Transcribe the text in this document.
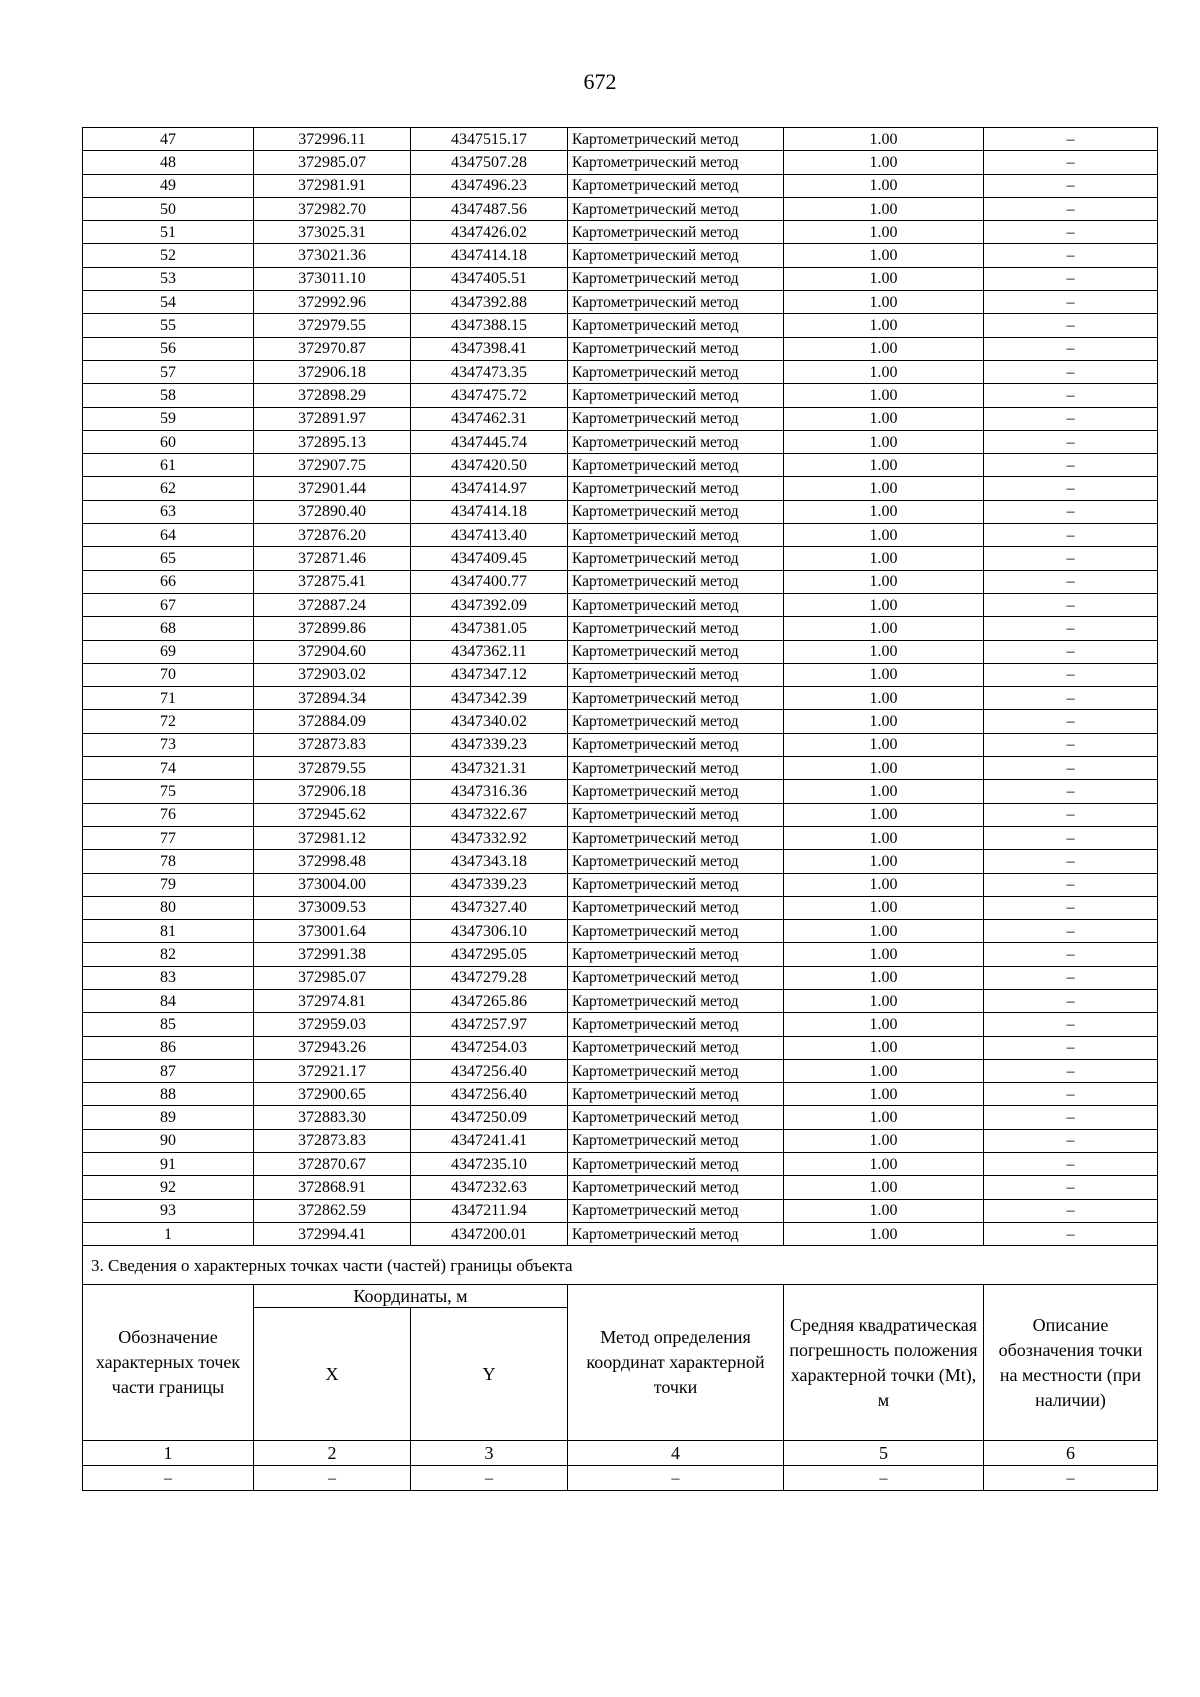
672
47	372996.11	4347515.17	Картометрический метод	1.00	–
48	372985.07	4347507.28	Картометрический метод	1.00	–
49	372981.91	4347496.23	Картометрический метод	1.00	–
50	372982.70	4347487.56	Картометрический метод	1.00	–
51	373025.31	4347426.02	Картометрический метод	1.00	–
52	373021.36	4347414.18	Картометрический метод	1.00	–
53	373011.10	4347405.51	Картометрический метод	1.00	–
54	372992.96	4347392.88	Картометрический метод	1.00	–
55	372979.55	4347388.15	Картометрический метод	1.00	–
56	372970.87	4347398.41	Картометрический метод	1.00	–
57	372906.18	4347473.35	Картометрический метод	1.00	–
58	372898.29	4347475.72	Картометрический метод	1.00	–
59	372891.97	4347462.31	Картометрический метод	1.00	–
60	372895.13	4347445.74	Картометрический метод	1.00	–
61	372907.75	4347420.50	Картометрический метод	1.00	–
62	372901.44	4347414.97	Картометрический метод	1.00	–
63	372890.40	4347414.18	Картометрический метод	1.00	–
64	372876.20	4347413.40	Картометрический метод	1.00	–
65	372871.46	4347409.45	Картометрический метод	1.00	–
66	372875.41	4347400.77	Картометрический метод	1.00	–
67	372887.24	4347392.09	Картометрический метод	1.00	–
68	372899.86	4347381.05	Картометрический метод	1.00	–
69	372904.60	4347362.11	Картометрический метод	1.00	–
70	372903.02	4347347.12	Картометрический метод	1.00	–
71	372894.34	4347342.39	Картометрический метод	1.00	–
72	372884.09	4347340.02	Картометрический метод	1.00	–
73	372873.83	4347339.23	Картометрический метод	1.00	–
74	372879.55	4347321.31	Картометрический метод	1.00	–
75	372906.18	4347316.36	Картометрический метод	1.00	–
76	372945.62	4347322.67	Картометрический метод	1.00	–
77	372981.12	4347332.92	Картометрический метод	1.00	–
78	372998.48	4347343.18	Картометрический метод	1.00	–
79	373004.00	4347339.23	Картометрический метод	1.00	–
80	373009.53	4347327.40	Картометрический метод	1.00	–
81	373001.64	4347306.10	Картометрический метод	1.00	–
82	372991.38	4347295.05	Картометрический метод	1.00	–
83	372985.07	4347279.28	Картометрический метод	1.00	–
84	372974.81	4347265.86	Картометрический метод	1.00	–
85	372959.03	4347257.97	Картометрический метод	1.00	–
86	372943.26	4347254.03	Картометрический метод	1.00	–
87	372921.17	4347256.40	Картометрический метод	1.00	–
88	372900.65	4347256.40	Картометрический метод	1.00	–
89	372883.30	4347250.09	Картометрический метод	1.00	–
90	372873.83	4347241.41	Картометрический метод	1.00	–
91	372870.67	4347235.10	Картометрический метод	1.00	–
92	372868.91	4347232.63	Картометрический метод	1.00	–
93	372862.59	4347211.94	Картометрический метод	1.00	–
1	372994.41	4347200.01	Картометрический метод	1.00	–
3. Сведения о характерных точках части (частей) границы объекта					
Обозначение характерных точек части границы	Координаты, м		Метод определения координат характерной точки	Средняя квадратическая погрешность положения характерной точки (Mt), м	Описание обозначения точки на местности (при наличии)
	X	Y			
1	2	3	4	5	6
–	–	–	–	–	–
